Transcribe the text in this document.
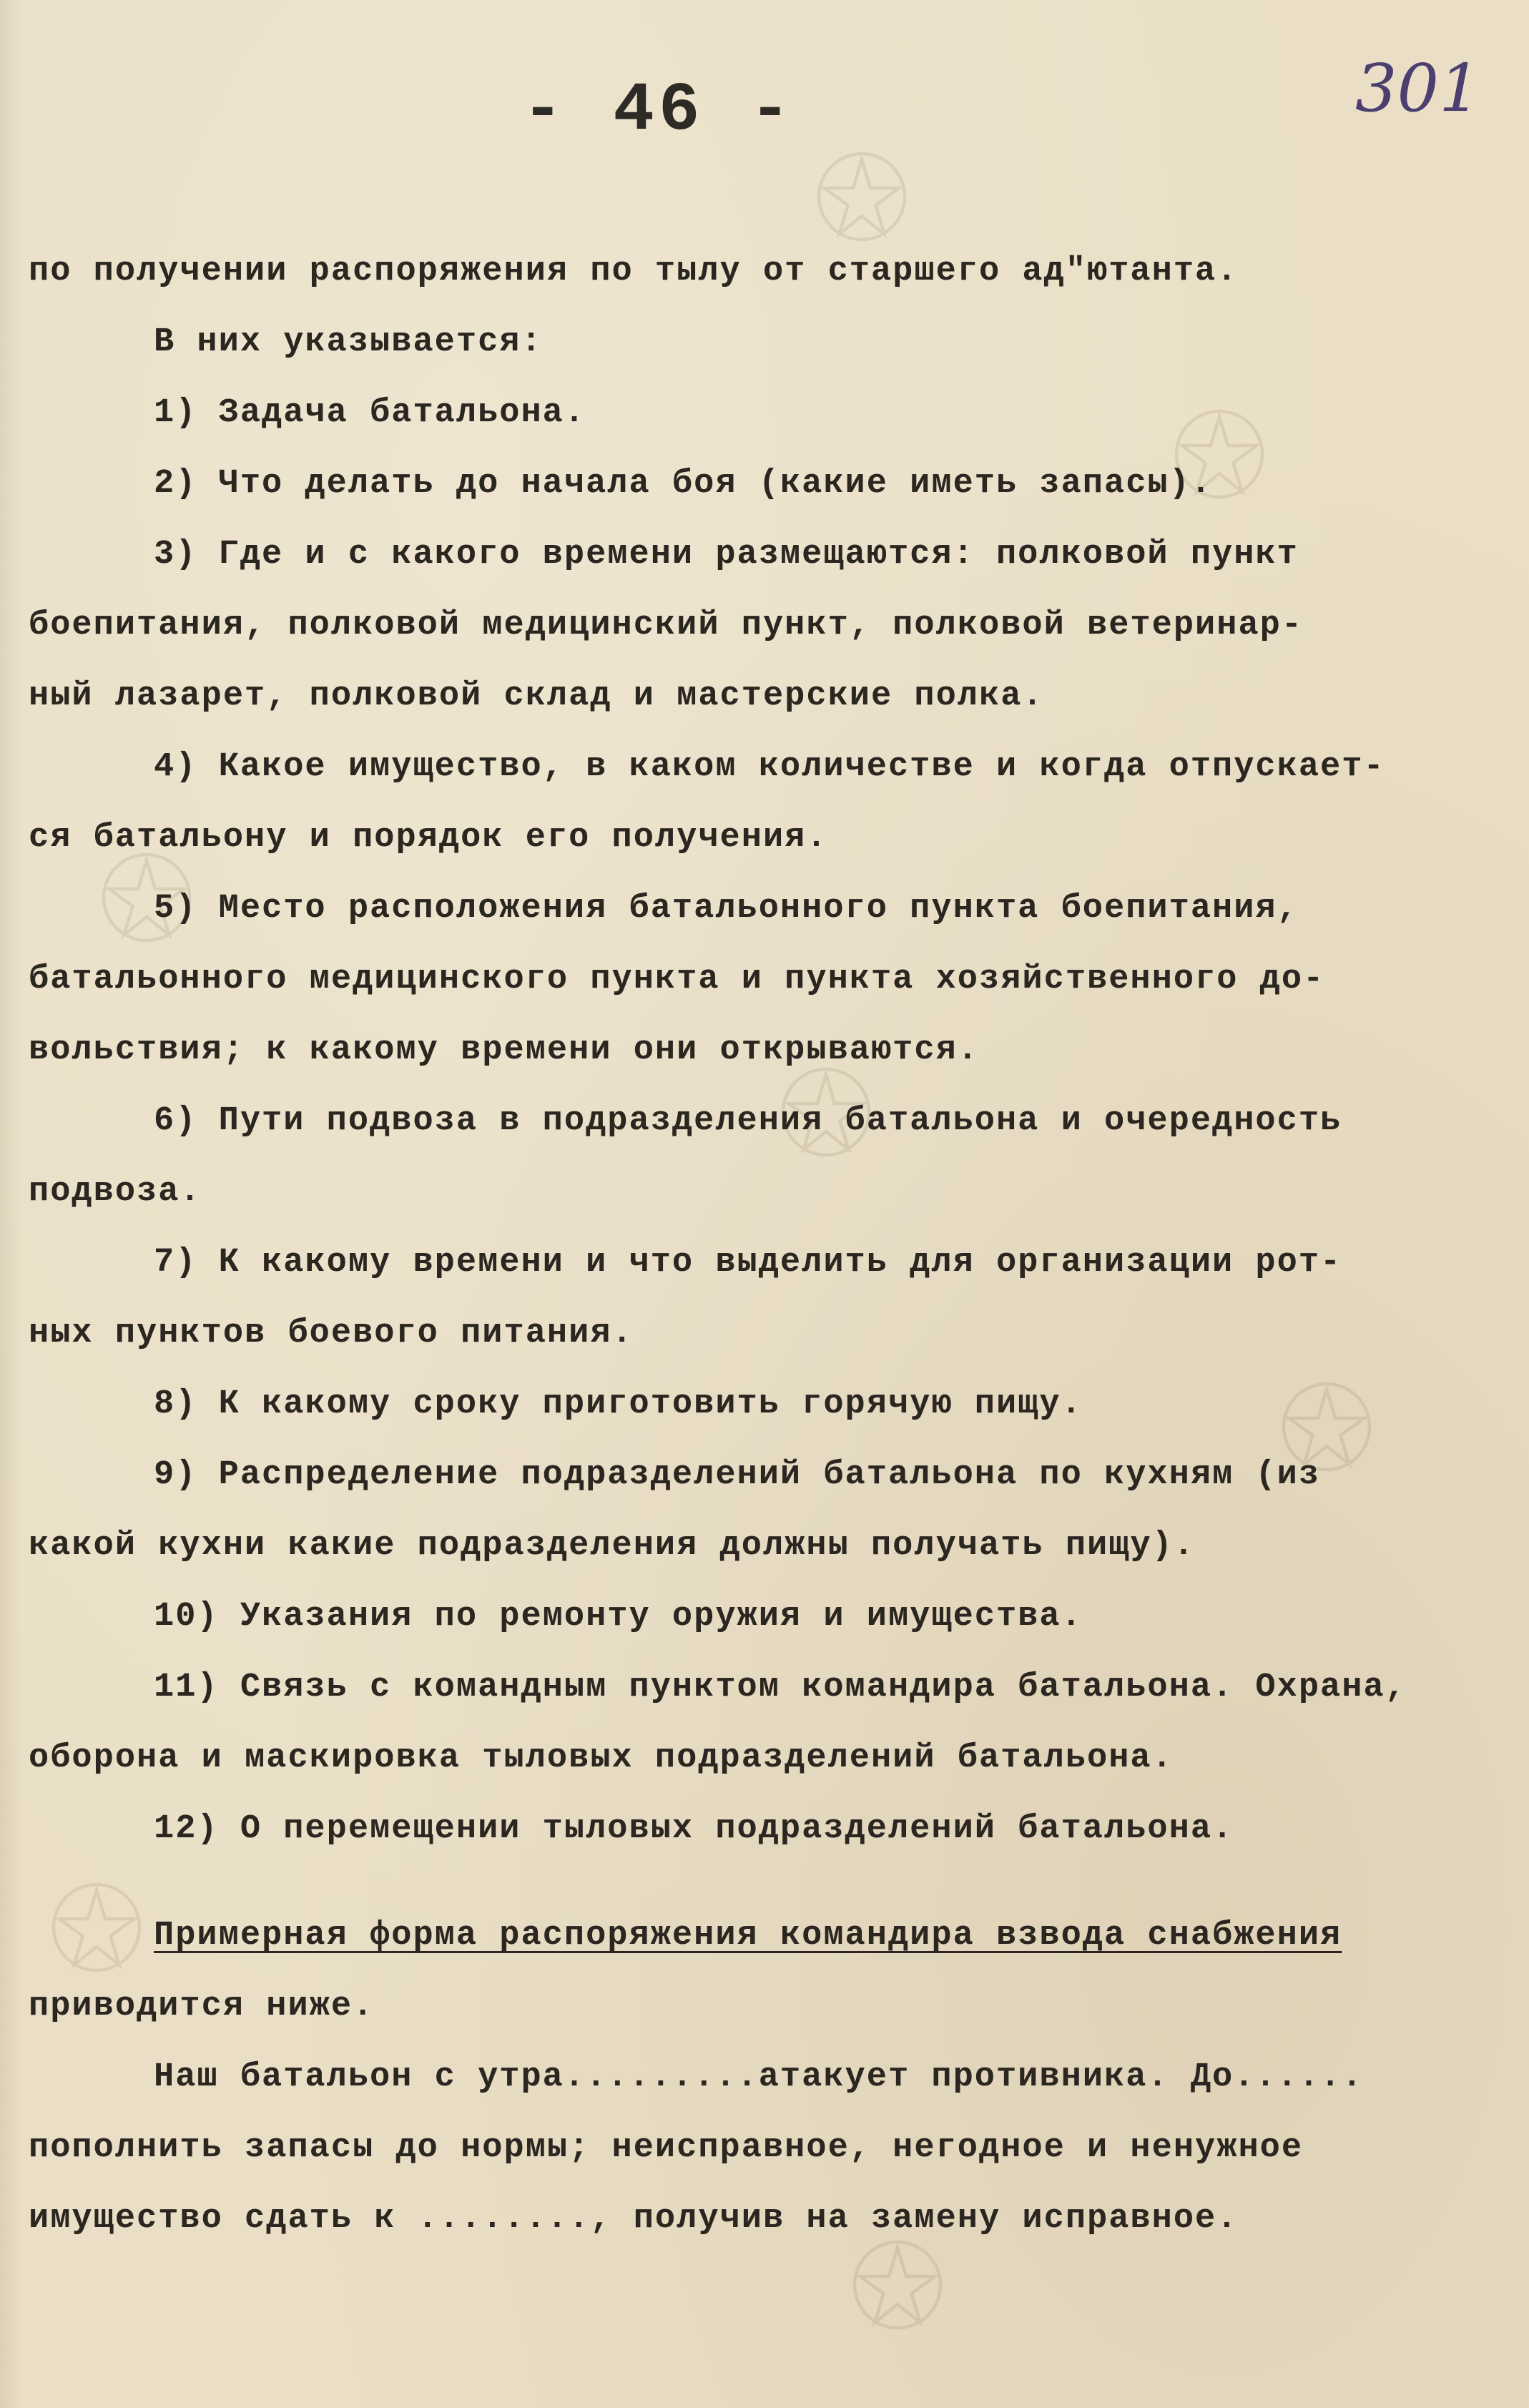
- 46 -	301
по получении распоряжения по тылу от старшего ад"ютанта.
В них указывается:
1) Задача батальона.
2) Что делать до начала боя (какие иметь запасы).
3) Где и с какого времени размещаются: полковой пункт
боепитания, полковой медицинский пункт, полковой ветеринар-
ный лазарет, полковой склад и мастерские полка.
4) Какое имущество, в каком количестве и когда отпускает-
ся батальону и порядок его получения.
5) Место расположения батальонного пункта боепитания,
батальонного медицинского пункта и пункта хозяйственного до-
вольствия; к какому времени они открываются.
6) Пути подвоза в подразделения батальона и очередность
подвоза.
7) К какому времени и что выделить для организации рот-
ных пунктов боевого питания.
8) К какому сроку приготовить горячую пищу.
9) Распределение подразделений батальона по кухням (из
какой кухни какие подразделения должны получать пищу).
10) Указания по ремонту оружия и имущества.
11) Связь с командным пунктом командира батальона. Охрана,
оборона и маскировка тыловых подразделений батальона.
12) О перемещении тыловых подразделений батальона.
Примерная форма распоряжения командира взвода снабжения
приводится ниже.
Наш батальон с утра.........атакует противника. До......
пополнить запасы до нормы; неисправное, негодное и ненужное
имущество сдать к ........, получив на замену исправное.
